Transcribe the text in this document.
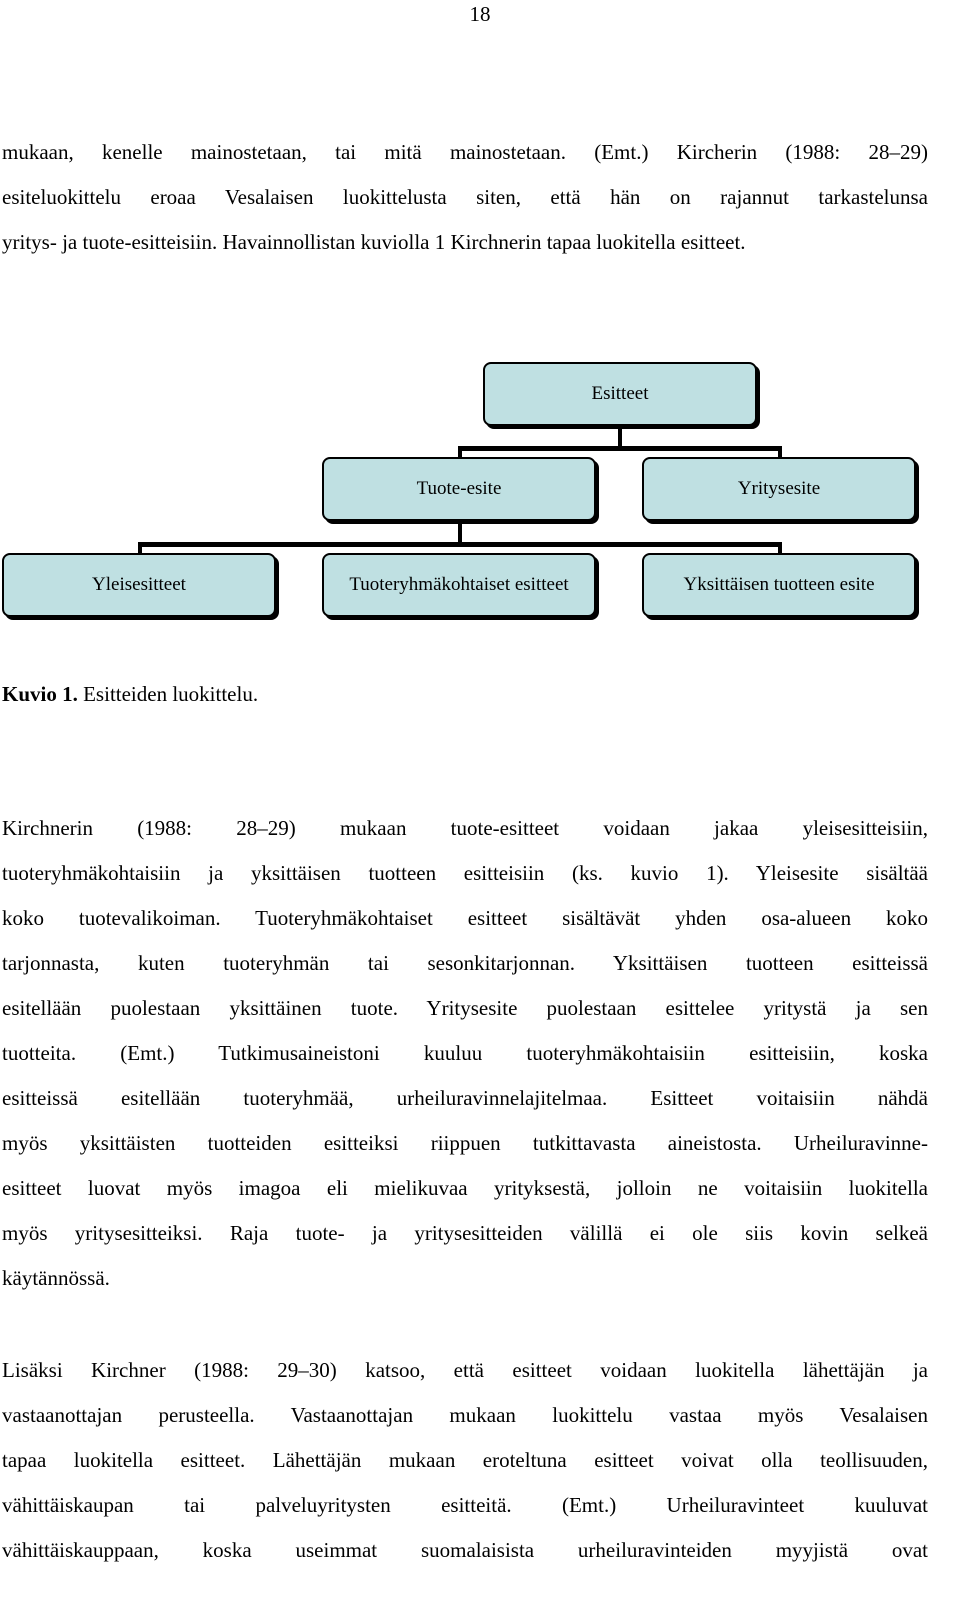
18
mukaan, kenelle mainostetaan, tai mitä mainostetaan. (Emt.) Kircherin (1988: 28–29)
esiteluokittelu eroaa Vesalaisen luokittelusta siten, että hän on rajannut tarkastelunsa
yritys- ja tuote-esitteisiin. Havainnollistan kuviolla 1 Kirchnerin tapaa luokitella esitteet.
Esitteet
Tuote-esite	Yritysesite
Yleisesitteet	Tuoteryhmäkohtaiset esitteet	Yksittäisen tuotteen esite

Kuvio 1. Esitteiden luokittelu.

Kirchnerin (1988: 28–29) mukaan tuote-esitteet voidaan jakaa yleisesitteisiin,
tuoteryhmäkohtaisiin ja yksittäisen tuotteen esitteisiin (ks. kuvio 1). Yleisesite sisältää
koko tuotevalikoiman. Tuoteryhmäkohtaiset esitteet sisältävät yhden osa-alueen koko
tarjonnasta, kuten tuoteryhmän tai sesonkitarjonnan. Yksittäisen tuotteen esitteissä
esitellään puolestaan yksittäinen tuote. Yritysesite puolestaan esittelee yritystä ja sen
tuotteita. (Emt.) Tutkimusaineistoni kuuluu tuoteryhmäkohtaisiin esitteisiin, koska
esitteissä esitellään tuoteryhmää, urheiluravinnelajitelmaa. Esitteet voitaisiin nähdä
myös yksittäisten tuotteiden esitteiksi riippuen tutkittavasta aineistosta. Urheiluravinne-
esitteet luovat myös imagoa eli mielikuvaa yrityksestä, jolloin ne voitaisiin luokitella
myös yritysesitteiksi. Raja tuote- ja yritysesitteiden välillä ei ole siis kovin selkeä
käytännössä.
Lisäksi Kirchner (1988: 29–30) katsoo, että esitteet voidaan luokitella lähettäjän ja
vastaanottajan perusteella. Vastaanottajan mukaan luokittelu vastaa myös Vesalaisen
tapaa luokitella esitteet. Lähettäjän mukaan eroteltuna esitteet voivat olla teollisuuden,
vähittäiskaupan tai palveluyritysten esitteitä. (Emt.) Urheiluravinteet kuuluvat
vähittäiskauppaan, koska useimmat suomalaisista urheiluravinteiden myyjistä ovat
